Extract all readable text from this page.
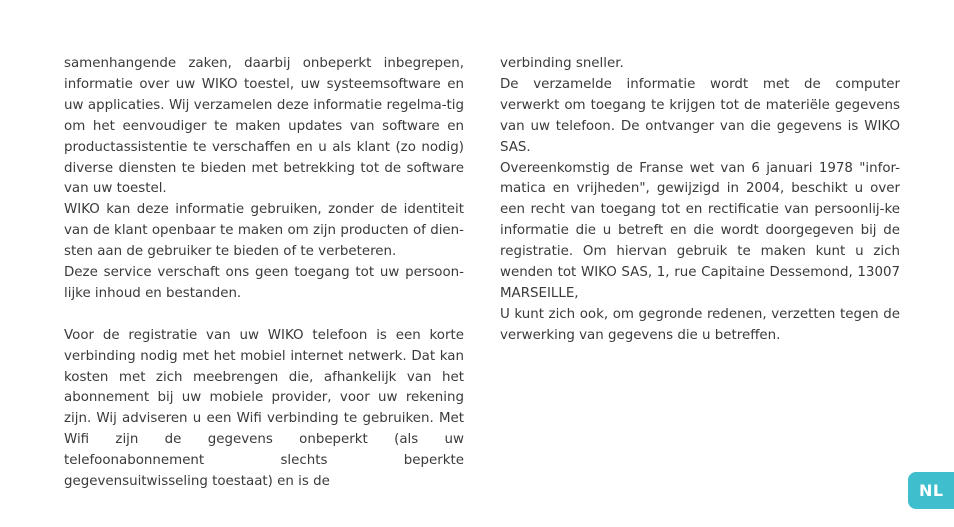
samenhangende zaken, daarbij onbeperkt inbegrepen, informatie over uw WIKO toestel, uw systeemsoftware en uw applicaties. Wij verzamelen deze informatie regelma-tig om het eenvoudiger te maken updates van software en productassistentie te verschaffen en u als klant (zo nodig) diverse diensten te bieden met betrekking tot de software van uw toestel.

WIKO kan deze informatie gebruiken, zonder de identiteit van de klant openbaar te maken om zijn producten of dien-sten aan de gebruiker te bieden of te verbeteren.

Deze service verschaft ons geen toegang tot uw persoon-lijke inhoud en bestanden.

Voor de registratie van uw WIKO telefoon is een korte verbinding nodig met het mobiel internet netwerk. Dat kan kosten met zich meebrengen die, afhankelijk van het abonnement bij uw mobiele provider, voor uw rekening zijn. Wij adviseren u een Wifi verbinding te gebruiken. Met Wifi zijn de gegevens onbeperkt (als uw telefoonabonnement slechts beperkte gegevensuitwisseling toestaat) en is de

verbinding sneller.

De verzamelde informatie wordt met de computer verwerkt om toegang te krijgen tot de materiële gegevens van uw telefoon. De ontvanger van die gegevens is WIKO SAS.

Overeenkomstig de Franse wet van 6 januari 1978 "infor-matica en vrijheden", gewijzigd in 2004, beschikt u over een recht van toegang tot en rectificatie van persoonlij-ke informatie die u betreft en die wordt doorgegeven bij de registratie. Om hiervan gebruik te maken kunt u zich wenden tot WIKO SAS, 1, rue Capitaine Dessemond, 13007 MARSEILLE,

U kunt zich ook, om gegronde redenen, verzetten tegen de verwerking van gegevens die u betreffen.

NL
